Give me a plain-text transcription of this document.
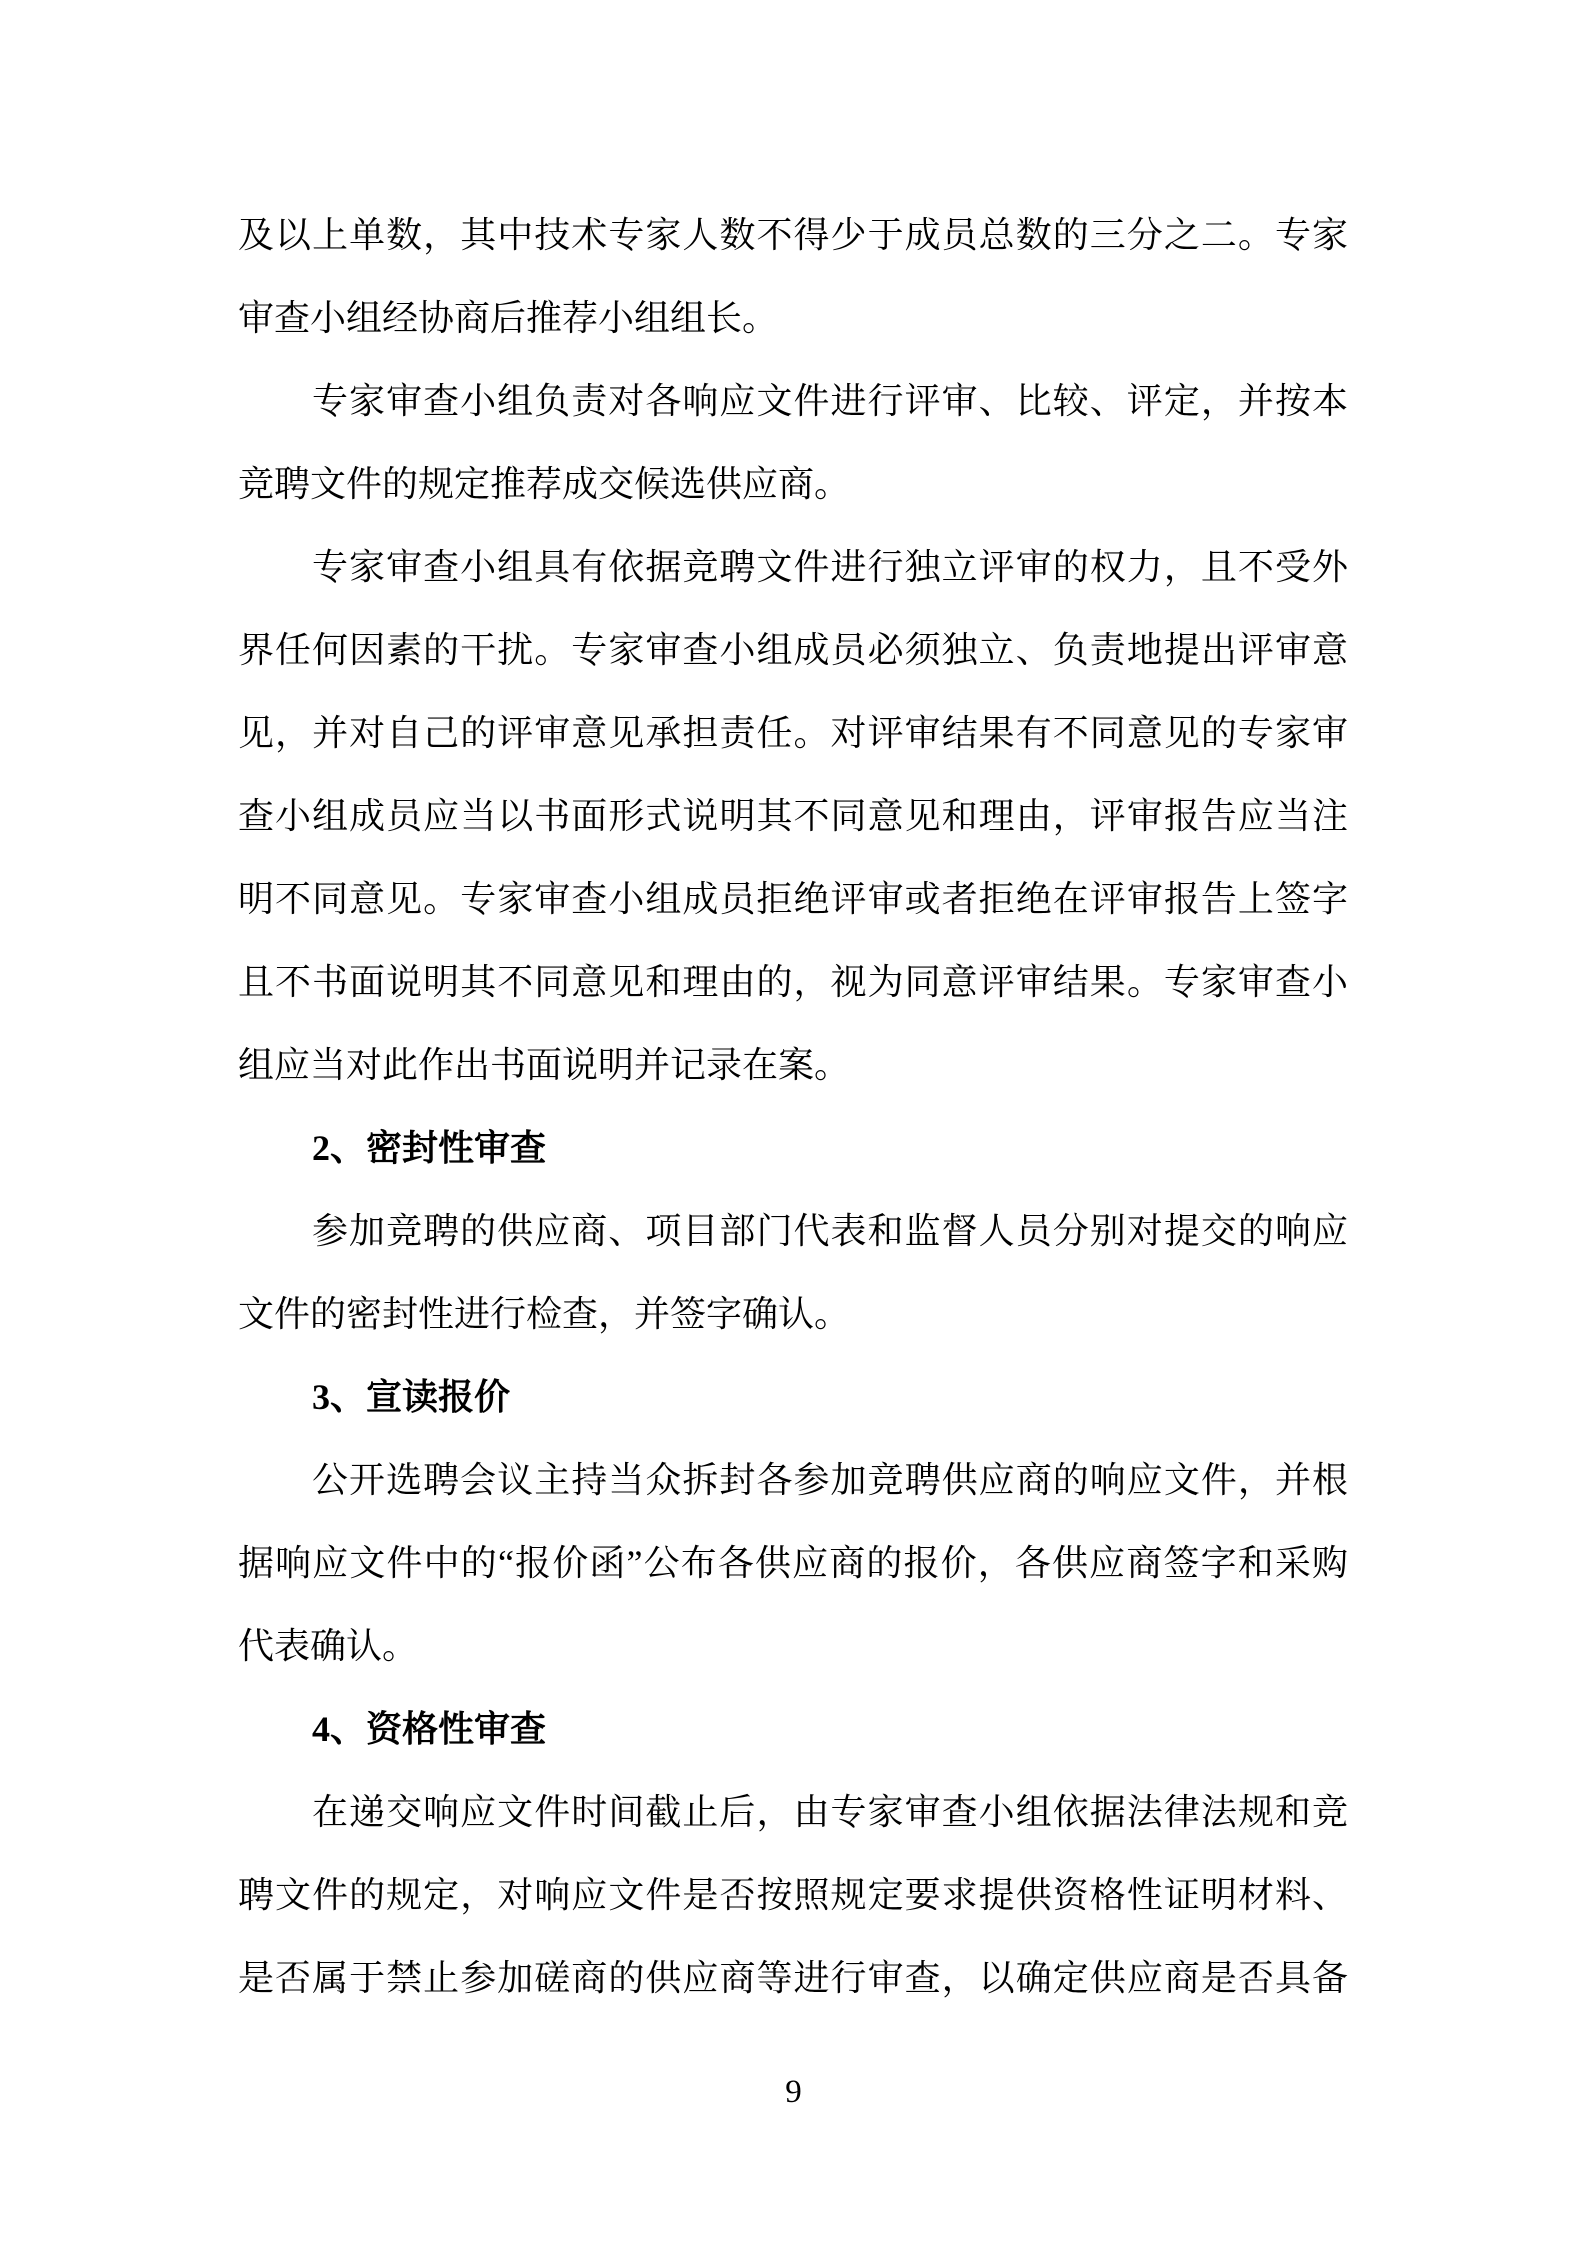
及以上单数，其中技术专家人数不得少于成员总数的三分之二。专家
审查小组经协商后推荐小组组长。
专家审查小组负责对各响应文件进行评审、比较、评定，并按本
竞聘文件的规定推荐成交候选供应商。
专家审查小组具有依据竞聘文件进行独立评审的权力，且不受外
界任何因素的干扰。专家审查小组成员必须独立、负责地提出评审意
见，并对自己的评审意见承担责任。对评审结果有不同意见的专家审
查小组成员应当以书面形式说明其不同意见和理由，评审报告应当注
明不同意见。专家审查小组成员拒绝评审或者拒绝在评审报告上签字
且不书面说明其不同意见和理由的，视为同意评审结果。专家审查小
组应当对此作出书面说明并记录在案。
2、密封性审查
参加竞聘的供应商、项目部门代表和监督人员分别对提交的响应
文件的密封性进行检查，并签字确认。
3、宣读报价
公开选聘会议主持当众拆封各参加竞聘供应商的响应文件，并根
据响应文件中的“报价函”公布各供应商的报价，各供应商签字和采购
代表确认。
4、资格性审查
在递交响应文件时间截止后，由专家审查小组依据法律法规和竞
聘文件的规定，对响应文件是否按照规定要求提供资格性证明材料、
是否属于禁止参加磋商的供应商等进行审查，以确定供应商是否具备
9
